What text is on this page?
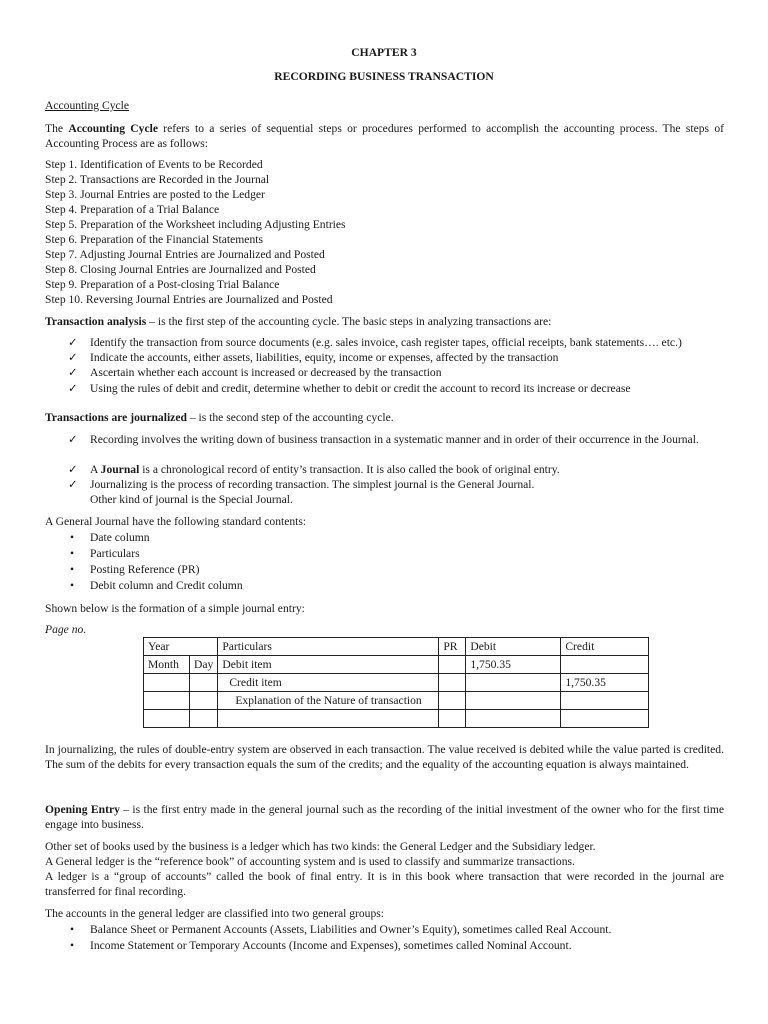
CHAPTER 3
RECORDING BUSINESS TRANSACTION
Accounting Cycle
The Accounting Cycle refers to a series of sequential steps or procedures performed to accomplish the accounting process. The steps of Accounting Process are as follows:
Step 1. Identification of Events to be Recorded
Step 2. Transactions are Recorded in the Journal
Step 3. Journal Entries are posted to the Ledger
Step 4. Preparation of a Trial Balance
Step 5. Preparation of the Worksheet including Adjusting Entries
Step 6. Preparation of the Financial Statements
Step 7. Adjusting Journal Entries are Journalized and Posted
Step 8. Closing Journal Entries are Journalized and Posted
Step 9. Preparation of a Post-closing Trial Balance
Step 10. Reversing Journal Entries are Journalized and Posted
Transaction analysis – is the first step of the accounting cycle. The basic steps in analyzing transactions are:
✓ Identify the transaction from source documents (e.g. sales invoice, cash register tapes, official receipts, bank statements…. etc.)
✓ Indicate the accounts, either assets, liabilities, equity, income or expenses, affected by the transaction
✓ Ascertain whether each account is increased or decreased by the transaction
✓ Using the rules of debit and credit, determine whether to debit or credit the account to record its increase or decrease
Transactions are journalized – is the second step of the accounting cycle.
✓ Recording involves the writing down of business transaction in a systematic manner and in order of their occurrence in the Journal.
✓ A Journal is a chronological record of entity’s transaction. It is also called the book of original entry.
✓ Journalizing is the process of recording transaction. The simplest journal is the General Journal.
Other kind of journal is the Special Journal.
A General Journal have the following standard contents:
• Date column
• Particulars
• Posting Reference (PR)
• Debit column and Credit column
Shown below is the formation of a simple journal entry:
Page no.
Year		Particulars	PR	Debit	Credit
Month	Day	Debit item		1,750.35	
		Credit item			1,750.35
		Explanation of the Nature of transaction			

In journalizing, the rules of double-entry system are observed in each transaction. The value received is debited while the value parted is credited. The sum of the debits for every transaction equals the sum of the credits; and the equality of the accounting equation is always maintained.
Opening Entry – is the first entry made in the general journal such as the recording of the initial investment of the owner who for the first time engage into business.
Other set of books used by the business is a ledger which has two kinds: the General Ledger and the Subsidiary ledger.
A General ledger is the “reference book” of accounting system and is used to classify and summarize transactions.
A ledger is a “group of accounts” called the book of final entry. It is in this book where transaction that were recorded in the journal are transferred for final recording.
The accounts in the general ledger are classified into two general groups:
• Balance Sheet or Permanent Accounts (Assets, Liabilities and Owner’s Equity), sometimes called Real Account.
• Income Statement or Temporary Accounts (Income and Expenses), sometimes called Nominal Account.
